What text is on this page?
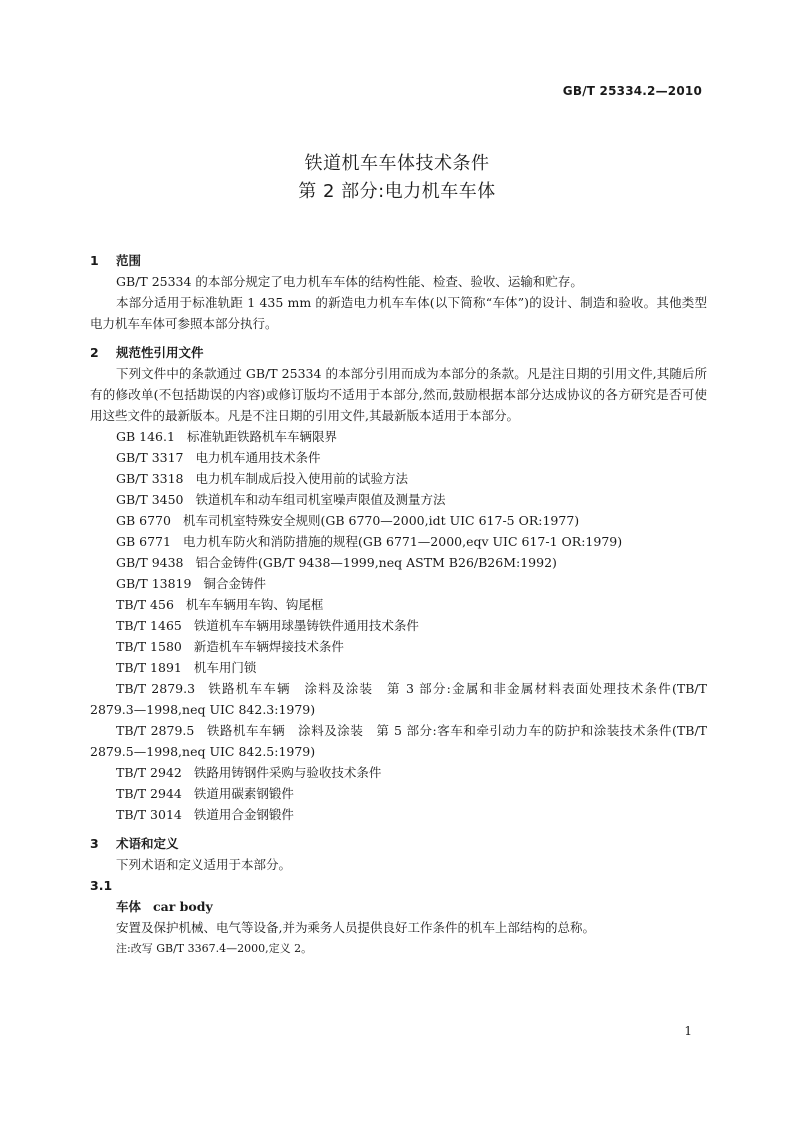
GB/T 25334.2—2010
铁道机车车体技术条件
第 2 部分:电力机车车体
1 范围

GB/T 25334 的本部分规定了电力机车车体的结构性能、检查、验收、运输和贮存。

本部分适用于标准轨距 1 435 mm 的新造电力机车车体(以下简称“车体”)的设计、制造和验收。其他类型电力机车车体可参照本部分执行。

2 规范性引用文件

下列文件中的条款通过 GB/T 25334 的本部分引用而成为本部分的条款。凡是注日期的引用文件,其随后所有的修改单(不包括勘误的内容)或修订版均不适用于本部分,然而,鼓励根据本部分达成协议的各方研究是否可使用这些文件的最新版本。凡是不注日期的引用文件,其最新版本适用于本部分。

GB 146.1 标准轨距铁路机车车辆限界
GB/T 3317 电力机车通用技术条件
GB/T 3318 电力机车制成后投入使用前的试验方法
GB/T 3450 铁道机车和动车组司机室噪声限值及测量方法
GB 6770 机车司机室特殊安全规则(GB 6770—2000,idt UIC 617-5 OR:1977)
GB 6771 电力机车防火和消防措施的规程(GB 6771—2000,eqv UIC 617-1 OR:1979)
GB/T 9438 铝合金铸件(GB/T 9438—1999,neq ASTM B26/B26M:1992)
GB/T 13819 铜合金铸件
TB/T 456 机车车辆用车钩、钩尾框
TB/T 1465 铁道机车车辆用球墨铸铁件通用技术条件
TB/T 1580 新造机车车辆焊接技术条件
TB/T 1891 机车用门锁
TB/T 2879.3 铁路机车车辆　涂料及涂装　第 3 部分:金属和非金属材料表面处理技术条件(TB/T 2879.3—1998,neq UIC 842.3:1979)
TB/T 2879.5 铁路机车车辆　涂料及涂装　第 5 部分:客车和牵引动力车的防护和涂装技术条件(TB/T 2879.5—1998,neq UIC 842.5:1979)
TB/T 2942 铁路用铸钢件采购与验收技术条件
TB/T 2944 铁道用碳素钢锻件
TB/T 3014 铁道用合金钢锻件
3 术语和定义

下列术语和定义适用于本部分。

3.1
车体 car body

安置及保护机械、电气等设备,并为乘务人员提供良好工作条件的机车上部结构的总称。

注:改写 GB/T 3367.4—2000,定义 2。
1
